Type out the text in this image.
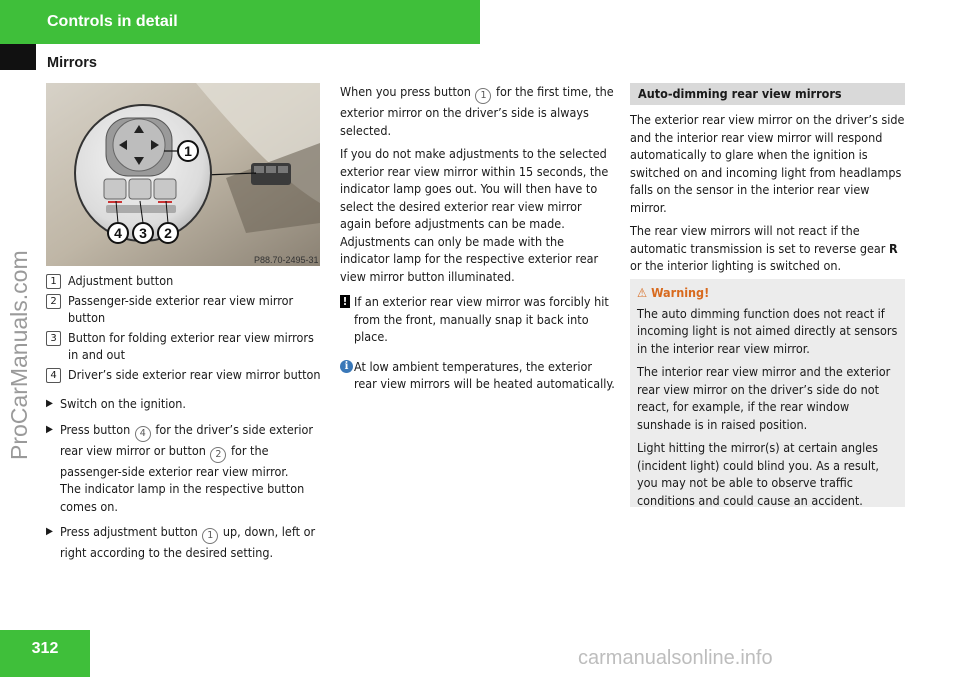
Controls in detail
Mirrors
ProCarManuals.com
carmanualsonline.info
1
4 3 2
P88.70-2495-31
1 Adjustment button
2 Passenger-side exterior rear view mirror button
3 Button for folding exterior rear view mirrors in and out
4 Driver’s side exterior rear view mirror button
▶ Switch on the ignition.
▶ Press button 4 for the driver’s side exterior rear view mirror or button 2 for the passenger-side exterior rear view mirror.
The indicator lamp in the respective button comes on.
▶ Press adjustment button 1 up, down, left or right according to the desired setting.

When you press button 1 for the first time, the exterior mirror on the driver’s side is always selected.

If you do not make adjustments to the selected exterior rear view mirror within 15 seconds, the indicator lamp goes out. You will then have to select the desired exterior rear view mirror again before adjustments can be made. Adjustments can only be made with the indicator lamp for the respective exterior rear view mirror button illuminated.

! If an exterior rear view mirror was forcibly hit from the front, manually snap it back into place.
i At low ambient temperatures, the exterior rear view mirrors will be heated automatically.
Auto-dimming rear view mirrors

The exterior rear view mirror on the driver’s side and the interior rear view mirror will respond automatically to glare when the ignition is switched on and incoming light from headlamps falls on the sensor in the interior rear view mirror.

The rear view mirrors will not react if the automatic transmission is set to reverse gear R or the interior lighting is switched on.

⚠ Warning!

The auto dimming function does not react if incoming light is not aimed directly at sensors in the interior rear view mirror.

The interior rear view mirror and the exterior rear view mirror on the driver’s side do not react, for example, if the rear window sunshade is in raised position.

Light hitting the mirror(s) at certain angles (incident light) could blind you. As a result, you may not be able to observe traffic conditions and could cause an accident.

312
